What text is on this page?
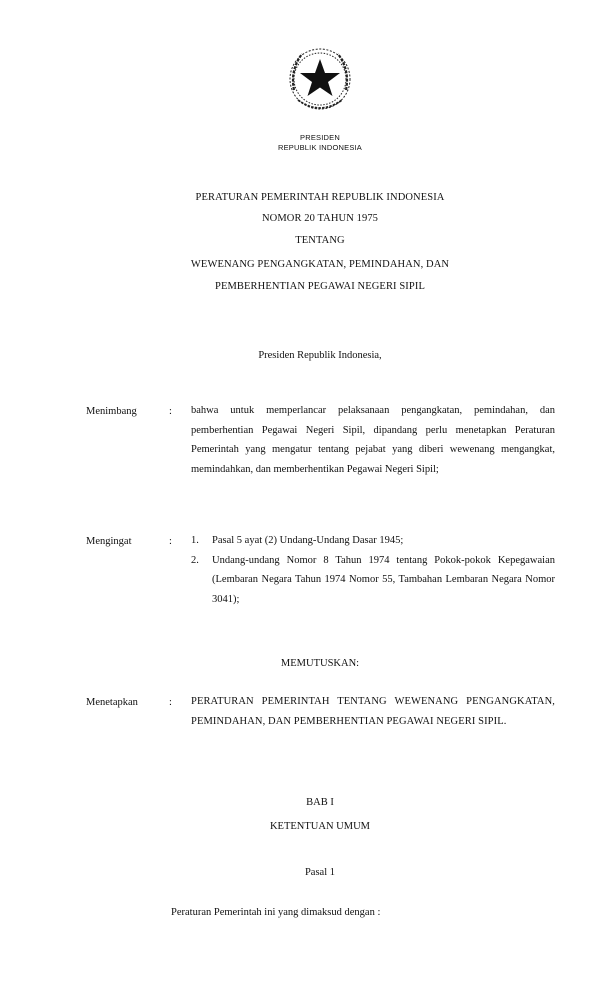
PRESIDEN
REPUBLIK INDONESIA
PERATURAN PEMERINTAH REPUBLIK INDONESIA
NOMOR 20 TAHUN 1975
TENTANG
WEWENANG PENGANGKATAN, PEMINDAHAN, DAN
PEMBERHENTIAN PEGAWAI NEGERI SIPIL
Presiden Republik Indonesia,
Menimbang	: bahwa untuk memperlancar pelaksanaan pengangkatan, pemindahan, dan pemberhentian Pegawai Negeri Sipil, dipandang perlu menetapkan Peraturan Pemerintah yang mengatur tentang pejabat yang diberi wewenang mengangkat, memindahkan, dan memberhentikan Pegawai Negeri Sipil;
Mengingat	: 1. Pasal 5 ayat (2) Undang-Undang Dasar 1945;
2. Undang-undang Nomor 8 Tahun 1974 tentang Pokok-pokok Kepegawaian (Lembaran Negara Tahun 1974 Nomor 55, Tambahan Lembaran Negara Nomor 3041);
MEMUTUSKAN:
Menetapkan	: PERATURAN PEMERINTAH TENTANG WEWENANG PENGANGKATAN, PEMINDAHAN, DAN PEMBERHENTIAN PEGAWAI NEGERI SIPIL.
BAB I
KETENTUAN UMUM
Pasal 1
Peraturan Pemerintah ini yang dimaksud dengan :
